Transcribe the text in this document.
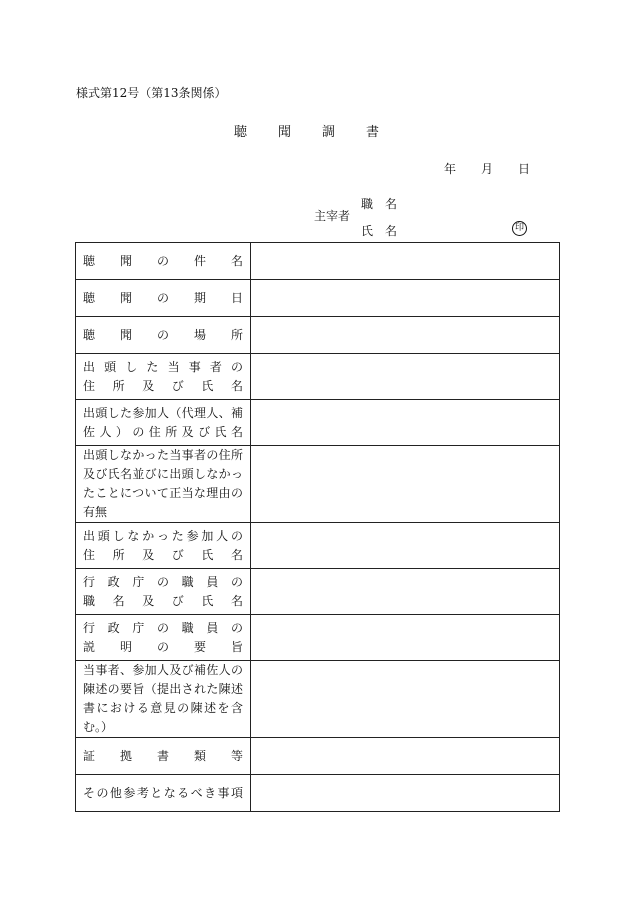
様式第12号（第13条関係）
聴聞調書
年 月 日
主宰者
職名
氏名	印
聴聞の件名	

聴聞の期日	

聴聞の場所	

出頭した当事者の
住所及び氏名	

出頭した参加人（代理人、補
佐人）の住所及び氏名	

出頭しなかった当事者の住所
及び氏名並びに出頭しなかっ
たことについて正当な理由の
有無	

出頭しなかった参加人の
住所及び氏名	

行政庁の職員の
職名及び氏名	

行政庁の職員の
説明の要旨	

当事者、参加人及び補佐人の
陳述の要旨（提出された陳述
書における意見の陳述を含
む。）	

証拠書類等	

その他参考となるべき事項	
